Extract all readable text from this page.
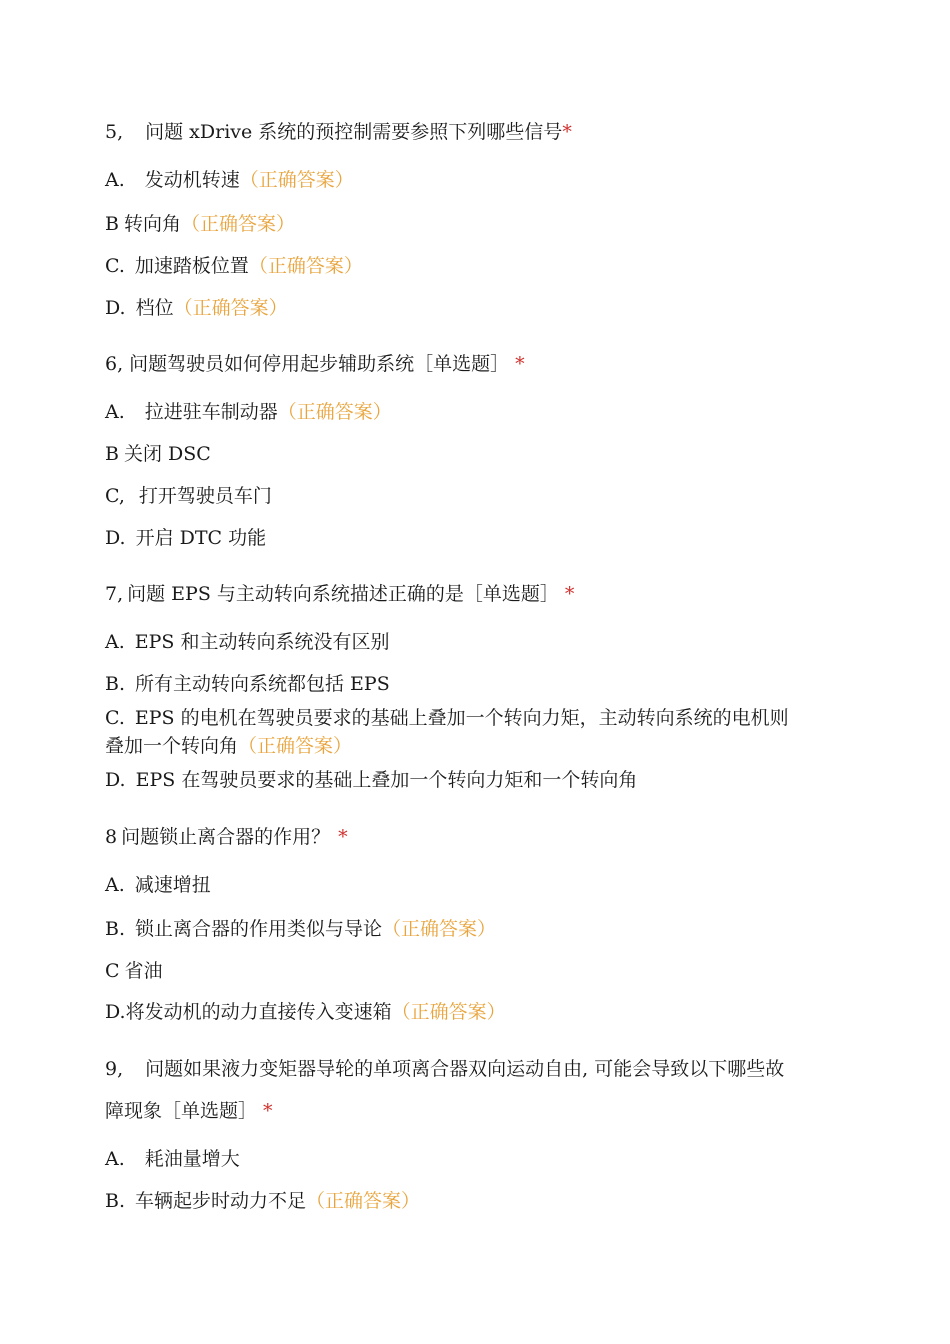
5, 问题 xDrive 系统的预控制需要参照下列哪些信号*
A. 发动机转速（正确答案）
B 转向角（正确答案）
C. 加速踏板位置（正确答案）
D. 档位（正确答案）
6, 问题驾驶员如何停用起步辅助系统［单选题］ *
A. 拉进驻车制动器（正确答案）
B 关闭 DSC
C, 打开驾驶员车门
D. 开启 DTC 功能
7, 问题 EPS 与主动转向系统描述正确的是［单选题］ *
A. EPS 和主动转向系统没有区别
B. 所有主动转向系统都包括 EPS
C. EPS 的电机在驾驶员要求的基础上叠加一个转向力矩，主动转向系统的电机则
叠加一个转向角（正确答案）
D. EPS 在驾驶员要求的基础上叠加一个转向力矩和一个转向角
8 问题锁止离合器的作用？ *
A. 减速增扭
B. 锁止离合器的作用类似与导论（正确答案）
C 省油
D.将发动机的动力直接传入变速箱（正确答案）
9, 问题如果液力变矩器导轮的单项离合器双向运动自由, 可能会导致以下哪些故
障现象［单选题］ *
A. 耗油量增大
B. 车辆起步时动力不足（正确答案）
